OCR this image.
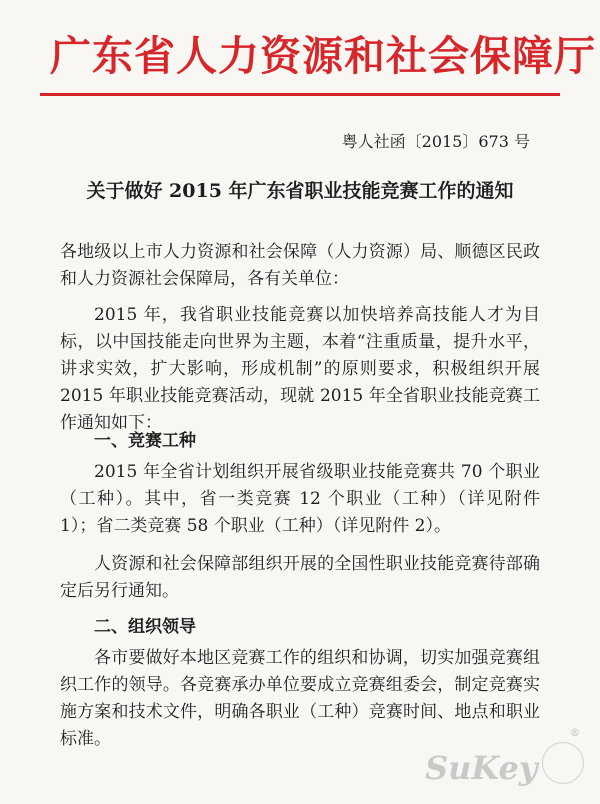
广东省人力资源和社会保障厅
粤人社函〔2015〕673 号
关于做好 2015 年广东省职业技能竞赛工作的通知

各地级以上市人力资源和社会保障（人力资源）局、顺德区民政和人力资源社会保障局，各有关单位：

2015 年，我省职业技能竞赛以加快培养高技能人才为目标，以中国技能走向世界为主题，本着“注重质量，提升水平，讲求实效，扩大影响，形成机制”的原则要求，积极组织开展 2015 年职业技能竞赛活动，现就 2015 年全省职业技能竞赛工作通知如下：

一、竞赛工种

2015 年全省计划组织开展省级职业技能竞赛共 70 个职业（工种）。其中，省一类竞赛 12 个职业（工种）（详见附件 1）；省二类竞赛 58 个职业（工种）（详见附件 2）。

人资源和社会保障部组织开展的全国性职业技能竞赛待部确定后另行通知。

二、组织领导

各市要做好本地区竞赛工作的组织和协调，切实加强竞赛组织工作的领导。各竞赛承办单位要成立竞赛组委会，制定竞赛实施方案和技术文件，明确各职业（工种）竞赛时间、地点和职业标准。

SuKey
®
